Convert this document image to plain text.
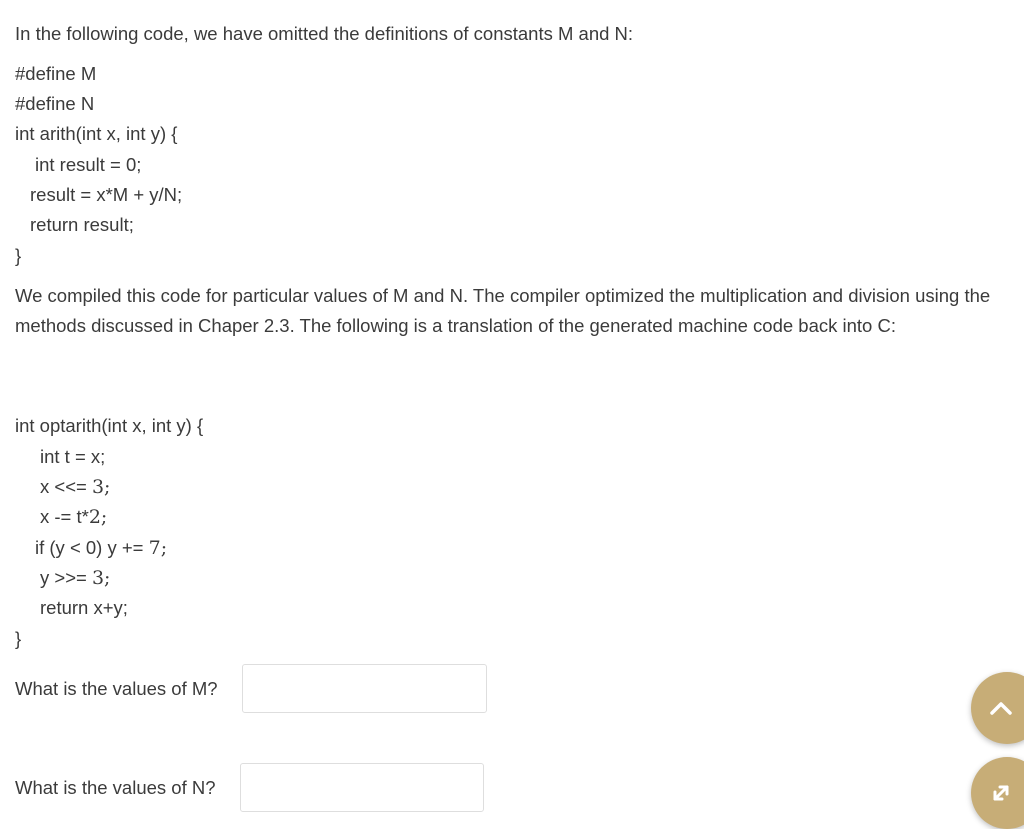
In the following code, we have omitted the definitions of constants M and N:
#define M
#define N
int arith(int x, int y) {
int result = 0;
result = x*M + y/N;
return result;
}
We compiled this code for particular values of M and N. The compiler optimized the multiplication and division using the methods discussed in Chaper 2.3. The following is a translation of the generated machine code back into C:
int optarith(int x, int y) {
int t = x;
x <<= 3;
x -= t*2;
if (y < 0) y += 7;
y >>= 3;
return x+y;
}
What is the values of M?
What is the values of N?
